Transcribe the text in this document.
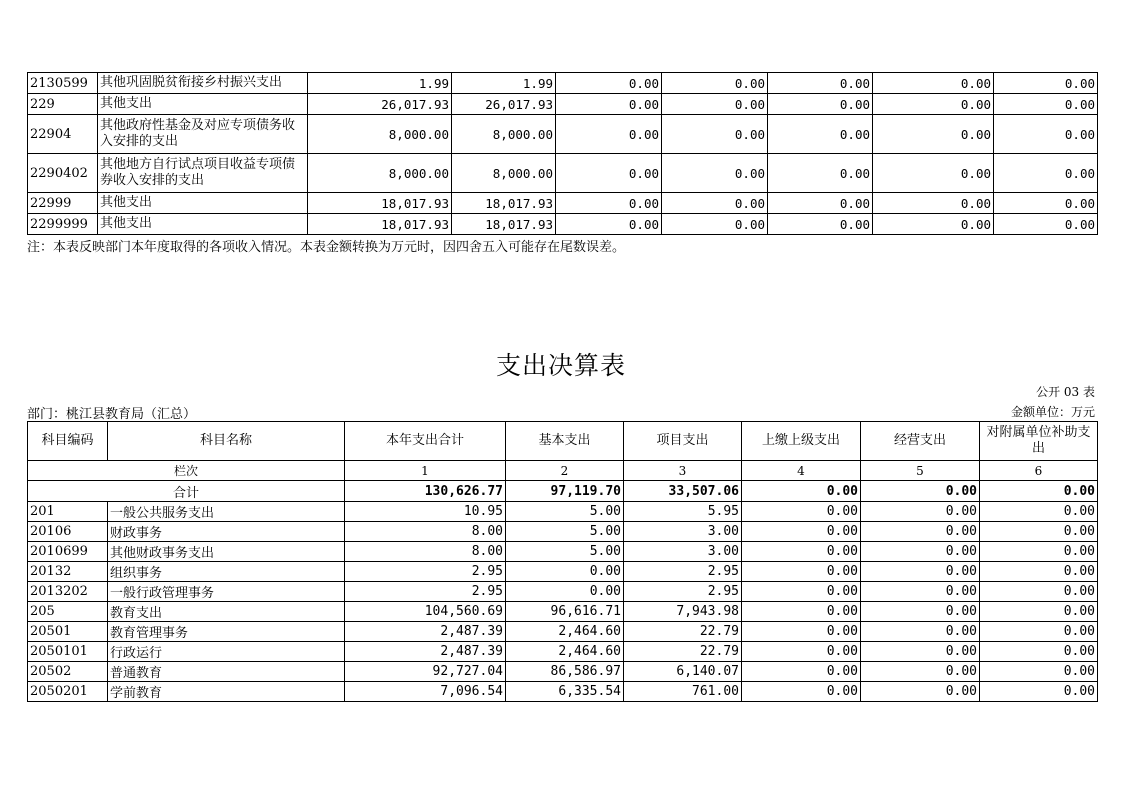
2130599	其他巩固脱贫衔接乡村振兴支出	1.99	1.99	0.00	0.00	0.00	0.00	0.00
229	其他支出	26,017.93	26,017.93	0.00	0.00	0.00	0.00	0.00
22904	其他政府性基金及对应专项债务收入安排的支出	8,000.00	8,000.00	0.00	0.00	0.00	0.00	0.00
2290402	其他地方自行试点项目收益专项债券收入安排的支出	8,000.00	8,000.00	0.00	0.00	0.00	0.00	0.00
22999	其他支出	18,017.93	18,017.93	0.00	0.00	0.00	0.00	0.00
2299999	其他支出	18,017.93	18,017.93	0.00	0.00	0.00	0.00	0.00
注：本表反映部门本年度取得的各项收入情况。本表金额转换为万元时，因四舍五入可能存在尾数误差。
支出决算表
公开 03 表
部门：桃江县教育局（汇总）	金额单位：万元
科目编码	科目名称	本年支出合计	基本支出	项目支出	上缴上级支出	经营支出	对附属单位补助支出
栏次		1	2	3	4	5	6
合计		130,626.77	97,119.70	33,507.06	0.00	0.00	0.00
201	一般公共服务支出	10.95	5.00	5.95	0.00	0.00	0.00
20106	财政事务	8.00	5.00	3.00	0.00	0.00	0.00
2010699	其他财政事务支出	8.00	5.00	3.00	0.00	0.00	0.00
20132	组织事务	2.95	0.00	2.95	0.00	0.00	0.00
2013202	一般行政管理事务	2.95	0.00	2.95	0.00	0.00	0.00
205	教育支出	104,560.69	96,616.71	7,943.98	0.00	0.00	0.00
20501	教育管理事务	2,487.39	2,464.60	22.79	0.00	0.00	0.00
2050101	行政运行	2,487.39	2,464.60	22.79	0.00	0.00	0.00
20502	普通教育	92,727.04	86,586.97	6,140.07	0.00	0.00	0.00
2050201	学前教育	7,096.54	6,335.54	761.00	0.00	0.00	0.00
